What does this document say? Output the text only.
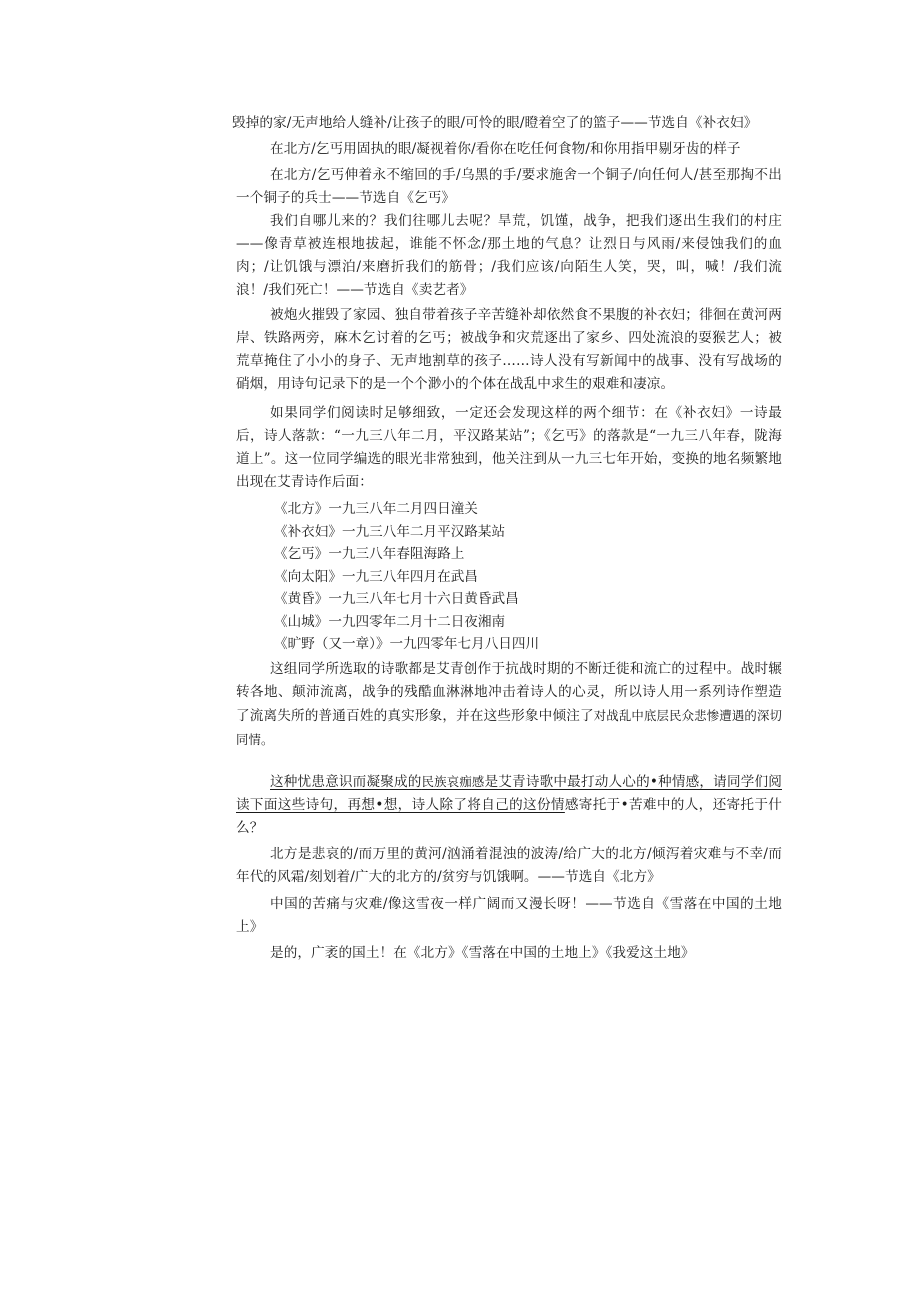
毁掉的家/无声地给人缝补/让孩子的眼/可怜的眼/瞪着空了的篮子——节选自《补衣妇》

在北方/乞丐用固执的眼/凝视着你/看你在吃任何食物/和你用指甲剔牙齿的样子

在北方/乞丐伸着永不缩回的手/乌黑的手/要求施舍一个铜子/向任何人/甚至那掏不出一个铜子的兵士——节选自《乞丐》

我们自哪儿来的？我们往哪儿去呢？旱荒，饥馑，战争，把我们逐出生我们的村庄——像青草被连根地拔起，谁能不怀念/那土地的气息？让烈日与风雨/来侵蚀我们的血肉；/让饥饿与漂泊/来磨折我们的筋骨；/我们应该/向陌生人笑，哭，叫，喊！/我们流浪！/我们死亡！——节选自《卖艺者》

被炮火摧毁了家园、独自带着孩子辛苦缝补却依然食不果腹的补衣妇；徘徊在黄河两岸、铁路两旁，麻木乞讨着的乞丐；被战争和灾荒逐出了家乡、四处流浪的耍猴艺人；被荒草掩住了小小的身子、无声地割草的孩子……诗人没有写新闻中的战事、没有写战场的硝烟，用诗句记录下的是一个个渺小的个体在战乱中求生的艰难和凄凉。

如果同学们阅读时足够细致，一定还会发现这样的两个细节：在《补衣妇》一诗最后，诗人落款：“一九三八年二月，平汉路某站”；《乞丐》的落款是“一九三八年春，陇海道上”。这一位同学编选的眼光非常独到，他关注到从一九三七年开始，变换的地名频繁地出现在艾青诗作后面：

《北方》一九三八年二月四日潼关

《补衣妇》一九三八年二月平汉路某站

《乞丐》一九三八年春阻海路上

《向太阳》一九三八年四月在武昌

《黄昏》一九三八年七月十六日黄昏武昌

《山城》一九四零年二月十二日夜湘南

《旷野（又一章）》一九四零年七月八日四川

这组同学所选取的诗歌都是艾青创作于抗战时期的不断迁徙和流亡的过程中。战时辗转各地、颠沛流离，战争的残酷血淋淋地冲击着诗人的心灵，所以诗人用一系列诗作塑造了流离失所的普通百姓的真实形象，并在这些形象中倾注了对战乱中底层民众悲惨遭遇的深切同情。

这种忧患意识而凝聚成的民族哀痂感是艾青诗歌中最打动人心的•种情感，请同学们阅读下面这些诗句，再想•想，诗人除了将自己的这份情感寄托于•苦难中的人，还寄托于什么？

北方是悲哀的/而万里的黄河/汹涌着混浊的波涛/给广大的北方/倾泻着灾难与不幸/而年代的风霜/刻划着/广大的北方的/贫穷与饥饿啊。——节选自《北方》

中国的苦痛与灾难/像这雪夜一样广阔而又漫长呀！——节选自《雪落在中国的土地上》

是的，广袤的国土！在《北方》《雪落在中国的土地上》《我爱这土地》
